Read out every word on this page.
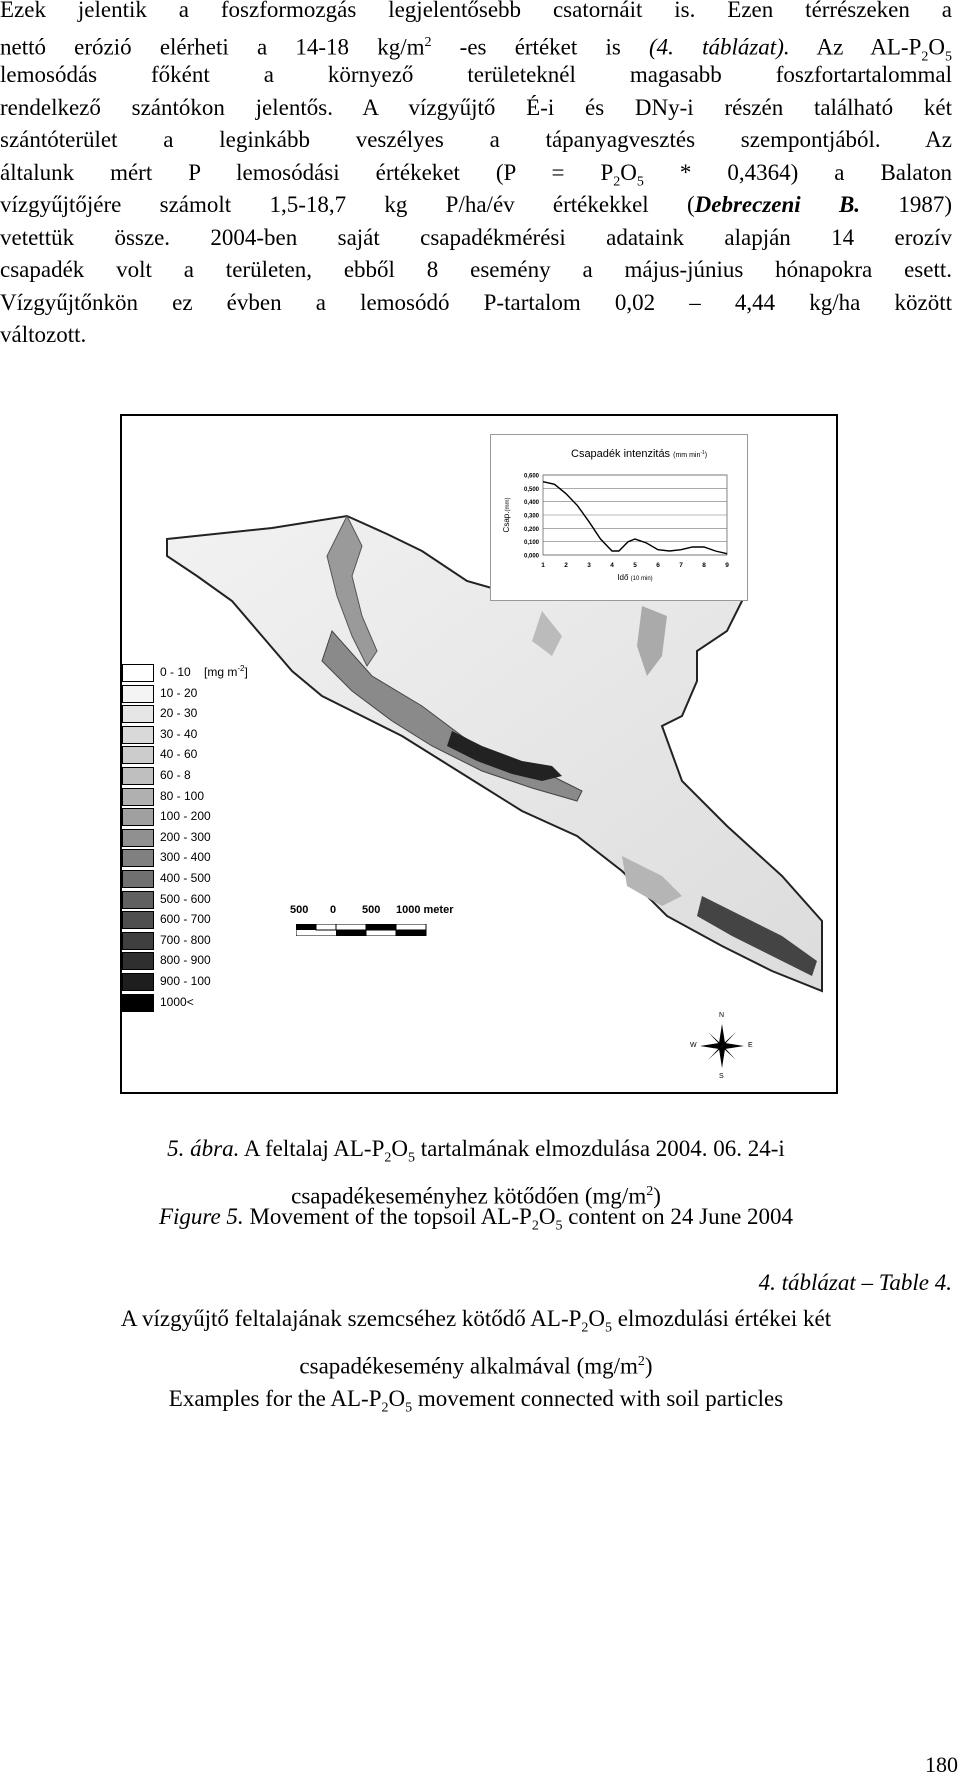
Ezek jelentik a foszformozgás legjelentősebb csatornáit is. Ezen térrészeken a
nettó erózió elérheti a 14-18 $kg/m^2$ -es értéket is (4. táblázat). Az $AL-P_2O_5$
lemosódás főként a környező területeknél magasabb foszfortartalommal
rendelkező szántókon jelentős. A vízgyűjtő É-i és DNy-i részén található két
szántóterület a leginkább veszélyes a tápanyagvesztés szempontjából. Az
általunk mért P lemosódási értékeket $(P = P_2O_5 * 0,4364)$ a Balaton
vízgyűjtőjére számolt 1,5-18,7 kg P/ha/év értékekkel (Debreczeni B. 1987)
vetettük össze. 2004-ben saját csapadékmérési adataink alapján 14 erozív
csapadék volt a területen, ebből 8 esemény a május-június hónapokra esett.
Vízgyűjtőnkön ez évben a lemosódó P-tartalom 0,02 – 4,44 kg/ha között
változott.
[mg $m^{-2}$]
0 - 10
10 - 20
20 - 30
30 - 40
40 - 60
60 - 8
80 - 100
100 - 200
200 - 300
300 - 400
400 - 500
500 - 600
600 - 700
700 - 800
800 - 900
900 - 100
1000<
Csapadék intenzitás (mm $\min^{-1}_)$
0,000
0,100
0,200
0,300
0,400
0,500
0,600
1	2	3	4	5	6	7	8	9
Idő (10 min)
Csap.(mm)
500 0 500 1000 meter
N
S
W	E
5. ábra. A feltalaj $AL-P_2O_5$ tartalmának elmozdulása 2004. 06. 24-i
csapadékeseményhez kötődően $(mg/m^2)$
Figure 5. Movement of the topsoil $AL-P_2O_5$ content on 24 June 2004
4. táblázat – Table 4.
A vízgyűjtő feltalajának szemcséhez kötődő $AL-P_2O_5$ elmozdulási értékei két
csapadékesemény alkalmával $(mg/m^2)$
Examples for the $AL-P_2O_5$ movement connected with soil particles
180
